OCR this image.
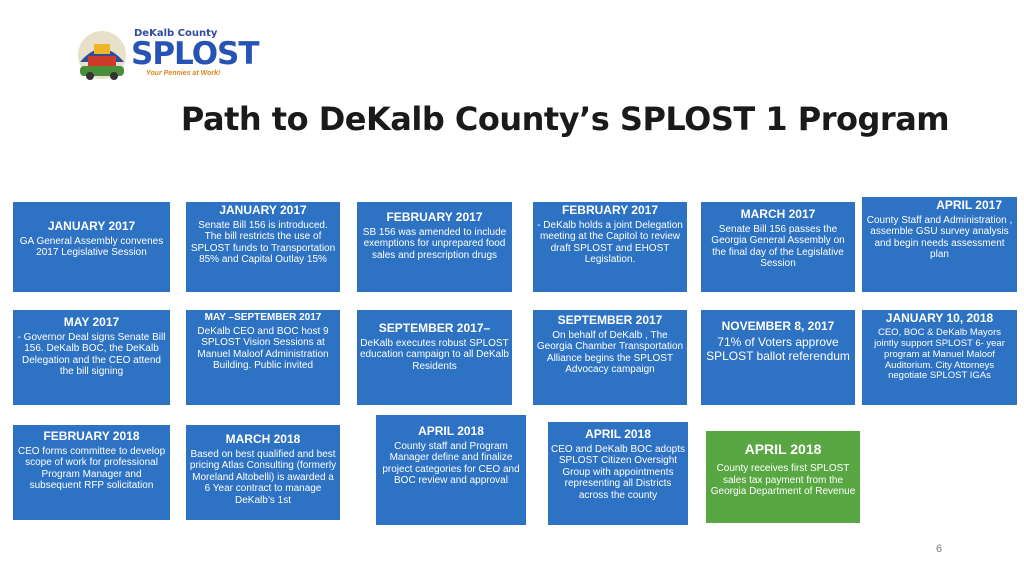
DeKalb County
SPLOST
Your Pennies at Work!
Path to DeKalb County’s SPLOST 1 Program
JANUARY 2017
GA General Assembly convenes 2017 Legislative Session
JANUARY 2017
Senate Bill 156 is introduced. The bill restricts the use of SPLOST funds to Transportation 85% and Capital Outlay 15%
FEBRUARY 2017
SB 156 was amended to include exemptions for unprepared food sales and prescription drugs
FEBRUARY 2017
- DeKalb holds a joint Delegation meeting at the Capitol to review draft SPLOST and EHOST Legislation.
MARCH 2017
Senate Bill 156 passes the Georgia General Assembly on the final day of the Legislative Session
APRIL 2017
County Staff and Administration , assemble GSU survey analysis and begin needs assessment plan
MAY 2017
- Governor Deal signs Senate Bill 156. DeKalb BOC, the DeKalb Delegation and the CEO attend the bill signing
MAY –SEPTEMBER 2017
DeKalb CEO and BOC host 9 SPLOST Vision Sessions at Manuel Maloof Administration Building. Public invited
SEPTEMBER 2017–
DeKalb executes robust SPLOST education campaign to all DeKalb Residents
SEPTEMBER 2017
On behalf of DeKalb , The Georgia Chamber Transportation Alliance begins the SPLOST Advocacy campaign
NOVEMBER 8, 2017
71% of Voters approve SPLOST ballot referendum
JANUARY 10, 2018
CEO, BOC & DeKalb Mayors jointly support SPLOST 6- year program at Manuel Maloof Auditorium. City Attorneys negotiate SPLOST IGAs
FEBRUARY 2018
CEO forms committee to develop scope of work for professional Program Manager and subsequent RFP solicitation
MARCH 2018
Based on best qualified and best pricing Atlas Consulting (formerly Moreland Altobelli) is awarded a 6 Year contract to manage DeKalb’s 1st
APRIL 2018
County staff and Program Manager define and finalize project categories for CEO and BOC review and approval
APRIL 2018
CEO and DeKalb BOC adopts SPLOST Citizen Oversight Group with appointments representing all Districts across the county
APRIL 2018
County receives first SPLOST sales tax payment from the Georgia Department of Revenue
6
